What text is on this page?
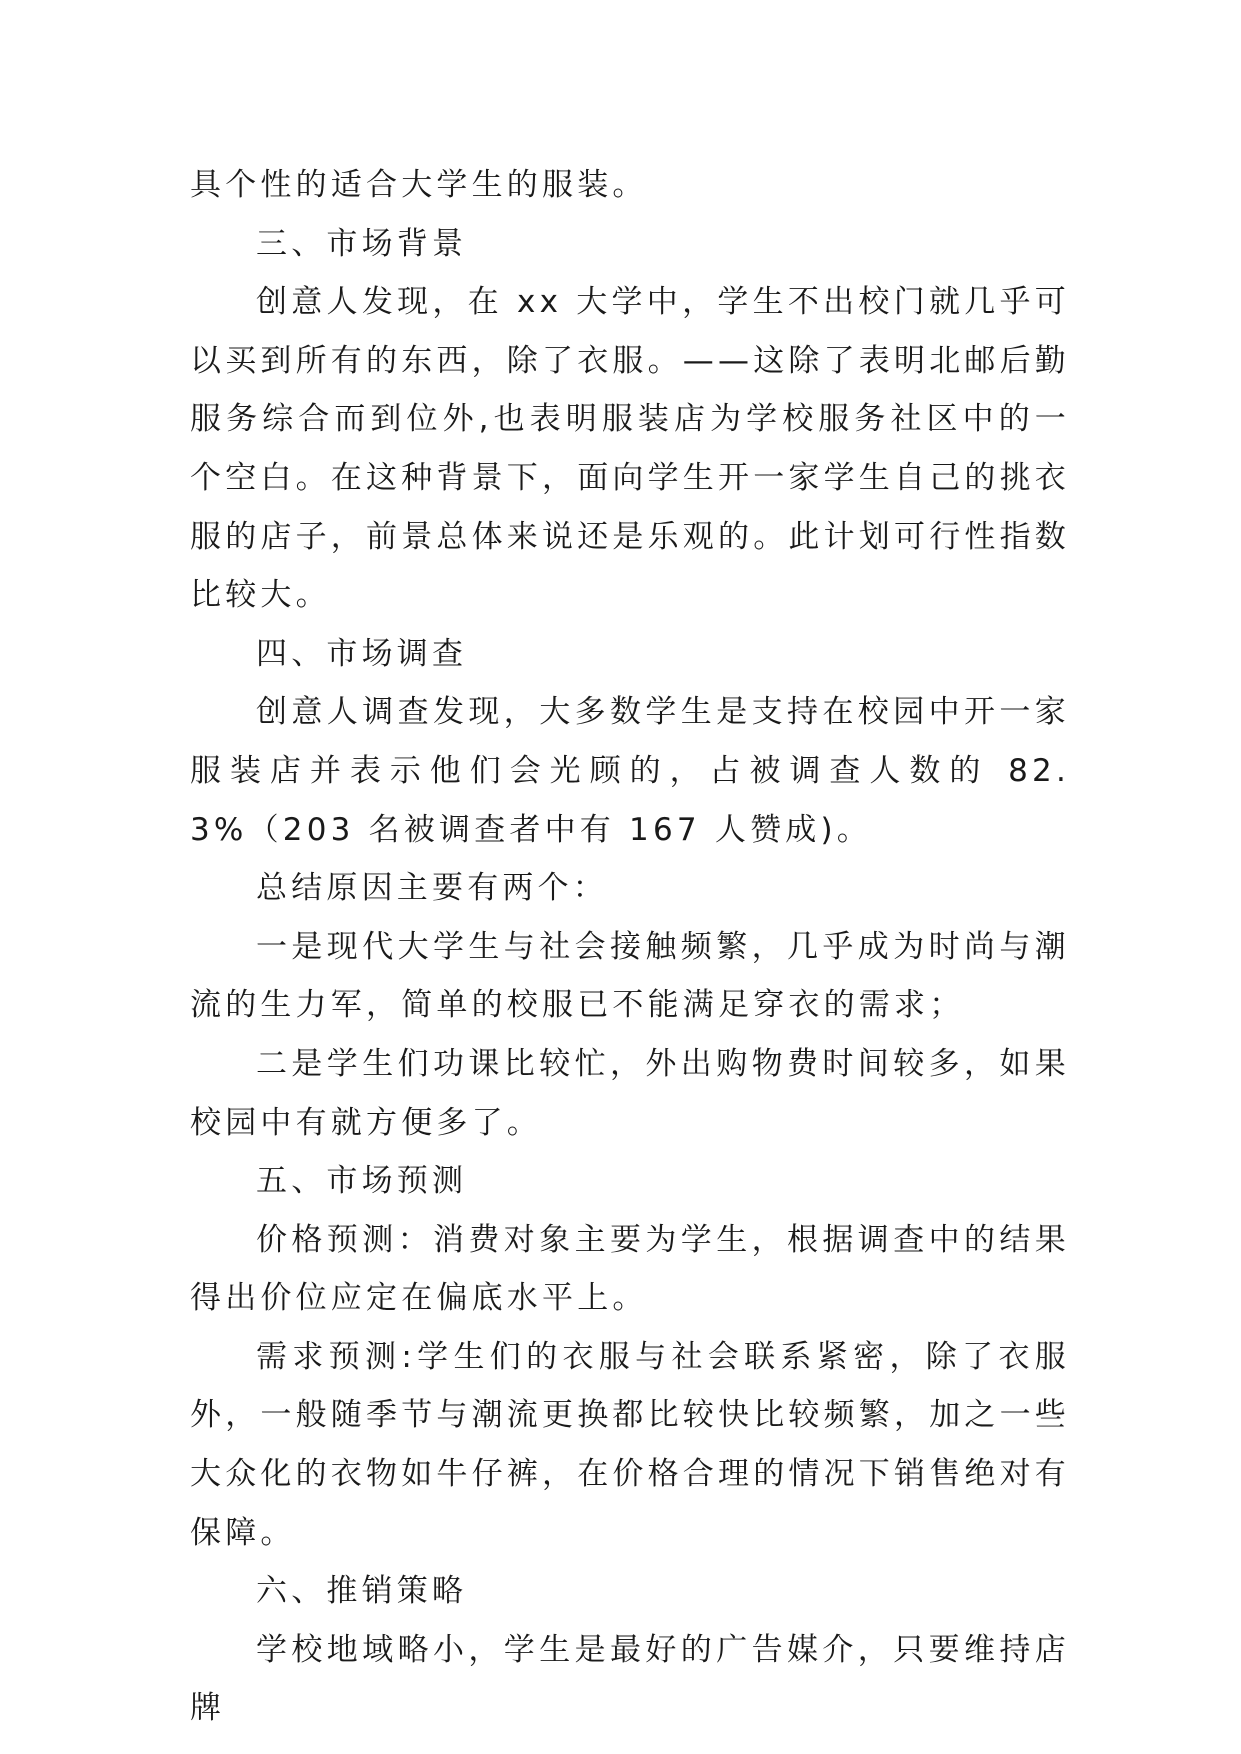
具个性的适合大学生的服装。

三、市场背景

创意人发现，在 xx 大学中，学生不出校门就几乎可以买到所有的东西，除了衣服。——这除了表明北邮后勤服务综合而到位外,也表明服装店为学校服务社区中的一个空白。在这种背景下，面向学生开一家学生自己的挑衣服的店子，前景总体来说还是乐观的。此计划可行性指数比较大。

四、市场调查

创意人调查发现，大多数学生是支持在校园中开一家服装店并表示他们会光顾的，占被调查人数的 82.3%（203 名被调查者中有 167 人赞成)。

总结原因主要有两个：

一是现代大学生与社会接触频繁，几乎成为时尚与潮流的生力军，简单的校服已不能满足穿衣的需求；

二是学生们功课比较忙，外出购物费时间较多，如果校园中有就方便多了。

五、市场预测

价格预测：消费对象主要为学生，根据调查中的结果得出价位应定在偏底水平上。

需求预测:学生们的衣服与社会联系紧密，除了衣服外，一般随季节与潮流更换都比较快比较频繁，加之一些大众化的衣物如牛仔裤，在价格合理的情况下销售绝对有保障。

六、推销策略

学校地域略小，学生是最好的广告媒介，只要维持店牌
